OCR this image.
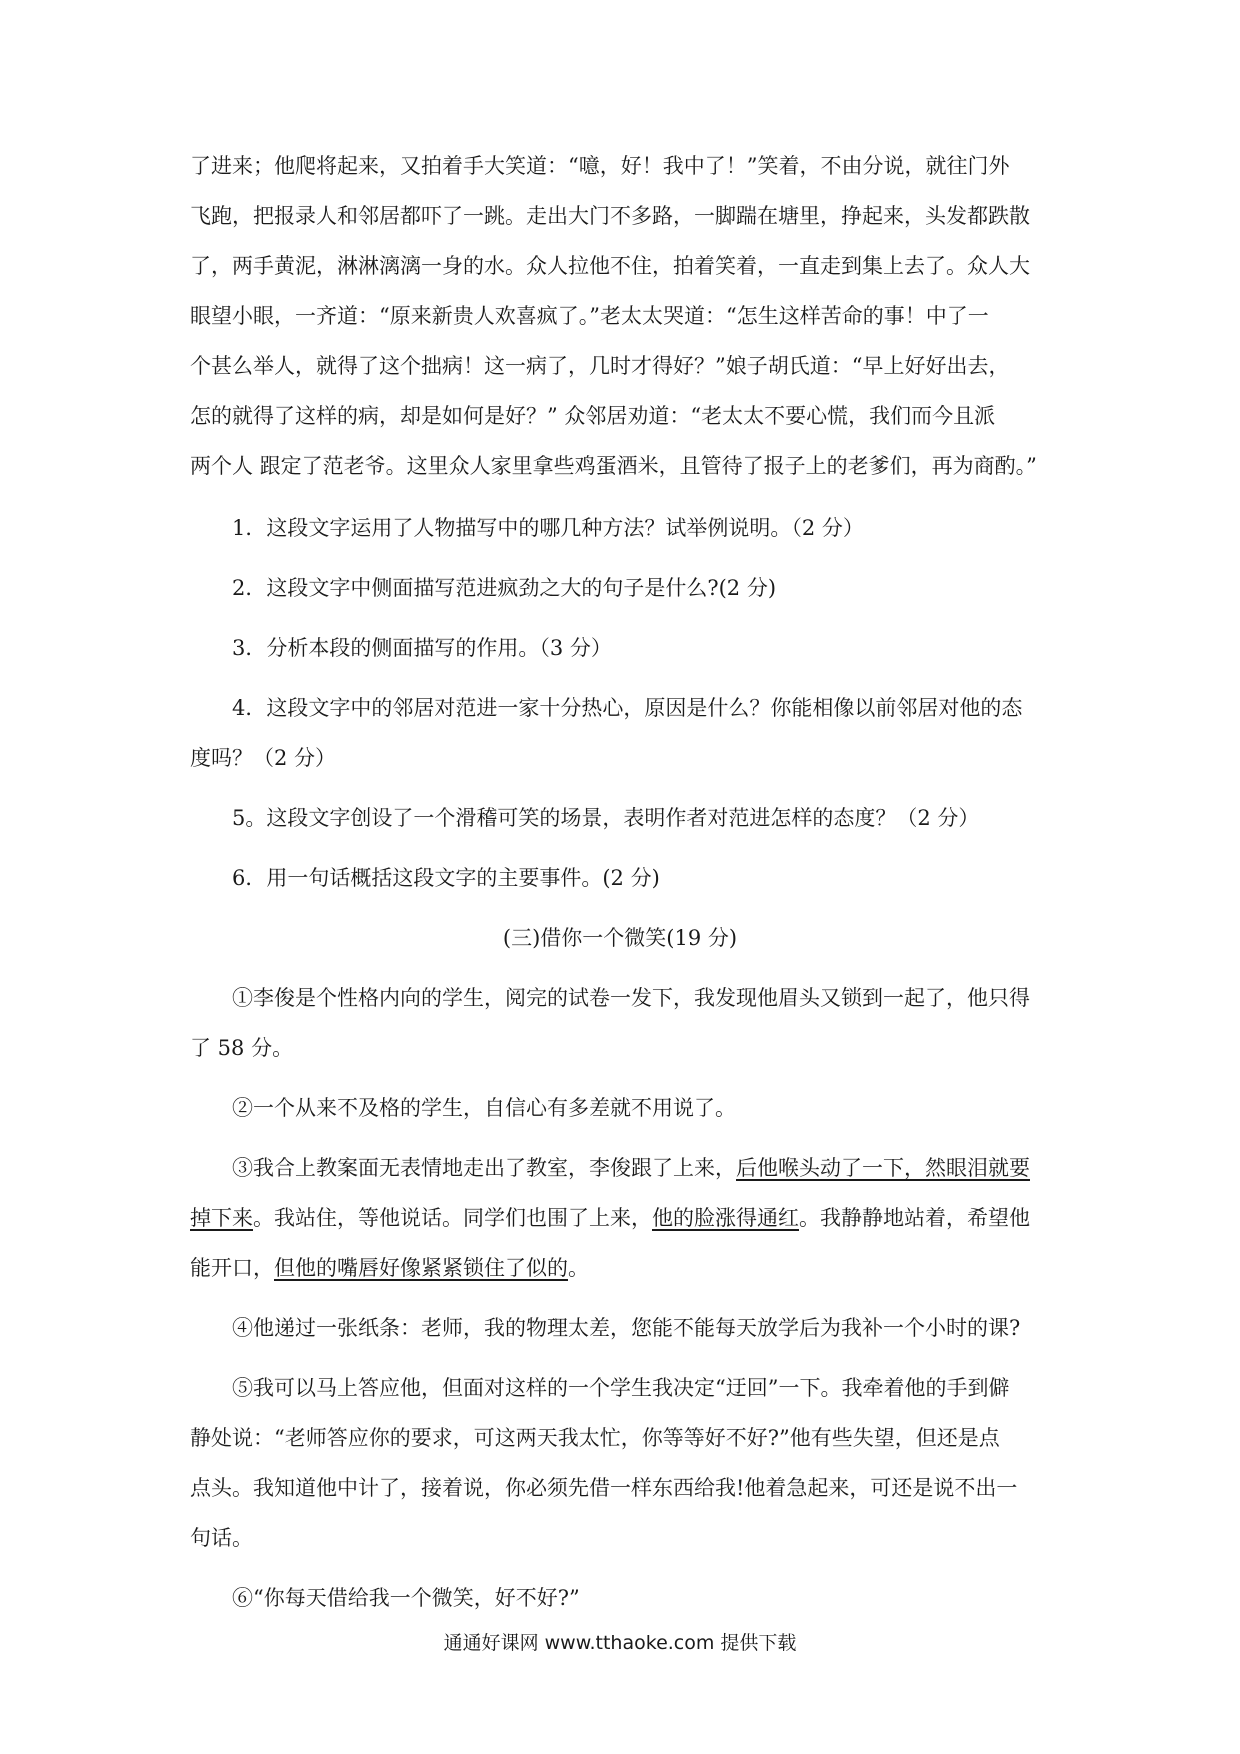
了进来；他爬将起来，又拍着手大笑道：“噫，好！我中了！”笑着，不由分说，就往门外
飞跑，把报录人和邻居都吓了一跳。走出大门不多路，一脚踹在塘里，挣起来，头发都跌散
了，两手黄泥，淋淋漓漓一身的水。众人拉他不住，拍着笑着，一直走到集上去了。众人大
眼望小眼，一齐道：“原来新贵人欢喜疯了。”老太太哭道：“怎生这样苦命的事！中了一
个甚么举人，就得了这个拙病！这一病了，几时才得好？”娘子胡氏道：“早上好好出去，
怎的就得了这样的病，却是如何是好？” 众邻居劝道：“老太太不要心慌，我们而今且派
两个人 跟定了范老爷。这里众人家里拿些鸡蛋酒米，且管待了报子上的老爹们，再为商酌。”

1．这段文字运用了人物描写中的哪几种方法？试举例说明。（2 分）

2．这段文字中侧面描写范进疯劲之大的句子是什么?(2 分)

3．分析本段的侧面描写的作用。（3 分）

4．这段文字中的邻居对范进一家十分热心，原因是什么？你能相像以前邻居对他的态

度吗？（2 分）

5。这段文字创设了一个滑稽可笑的场景，表明作者对范进怎样的态度？（2 分）

6．用一句话概括这段文字的主要事件。(2 分)

(三)借你一个微笑(19 分)

①李俊是个性格内向的学生，阅完的试卷一发下，我发现他眉头又锁到一起了，他只得

了 58 分。

②一个从来不及格的学生，自信心有多差就不用说了。

③我合上教案面无表情地走出了教室，李俊跟了上来，后他喉头动了一下，然眼泪就要

掉下来。我站住，等他说话。同学们也围了上来，他的脸涨得通红。我静静地站着，希望他

能开口，但他的嘴唇好像紧紧锁住了似的。

④他递过一张纸条：老师，我的物理太差，您能不能每天放学后为我补一个小时的课?

⑤我可以马上答应他，但面对这样的一个学生我决定“迂回”一下。我牵着他的手到僻

静处说：“老师答应你的要求，可这两天我太忙，你等等好不好?”他有些失望，但还是点

点头。我知道他中计了，接着说，你必须先借一样东西给我!他着急起来，可还是说不出一

句话。

⑥“你每天借给我一个微笑，好不好?”

通通好课网 www.tthaoke.com 提供下载
